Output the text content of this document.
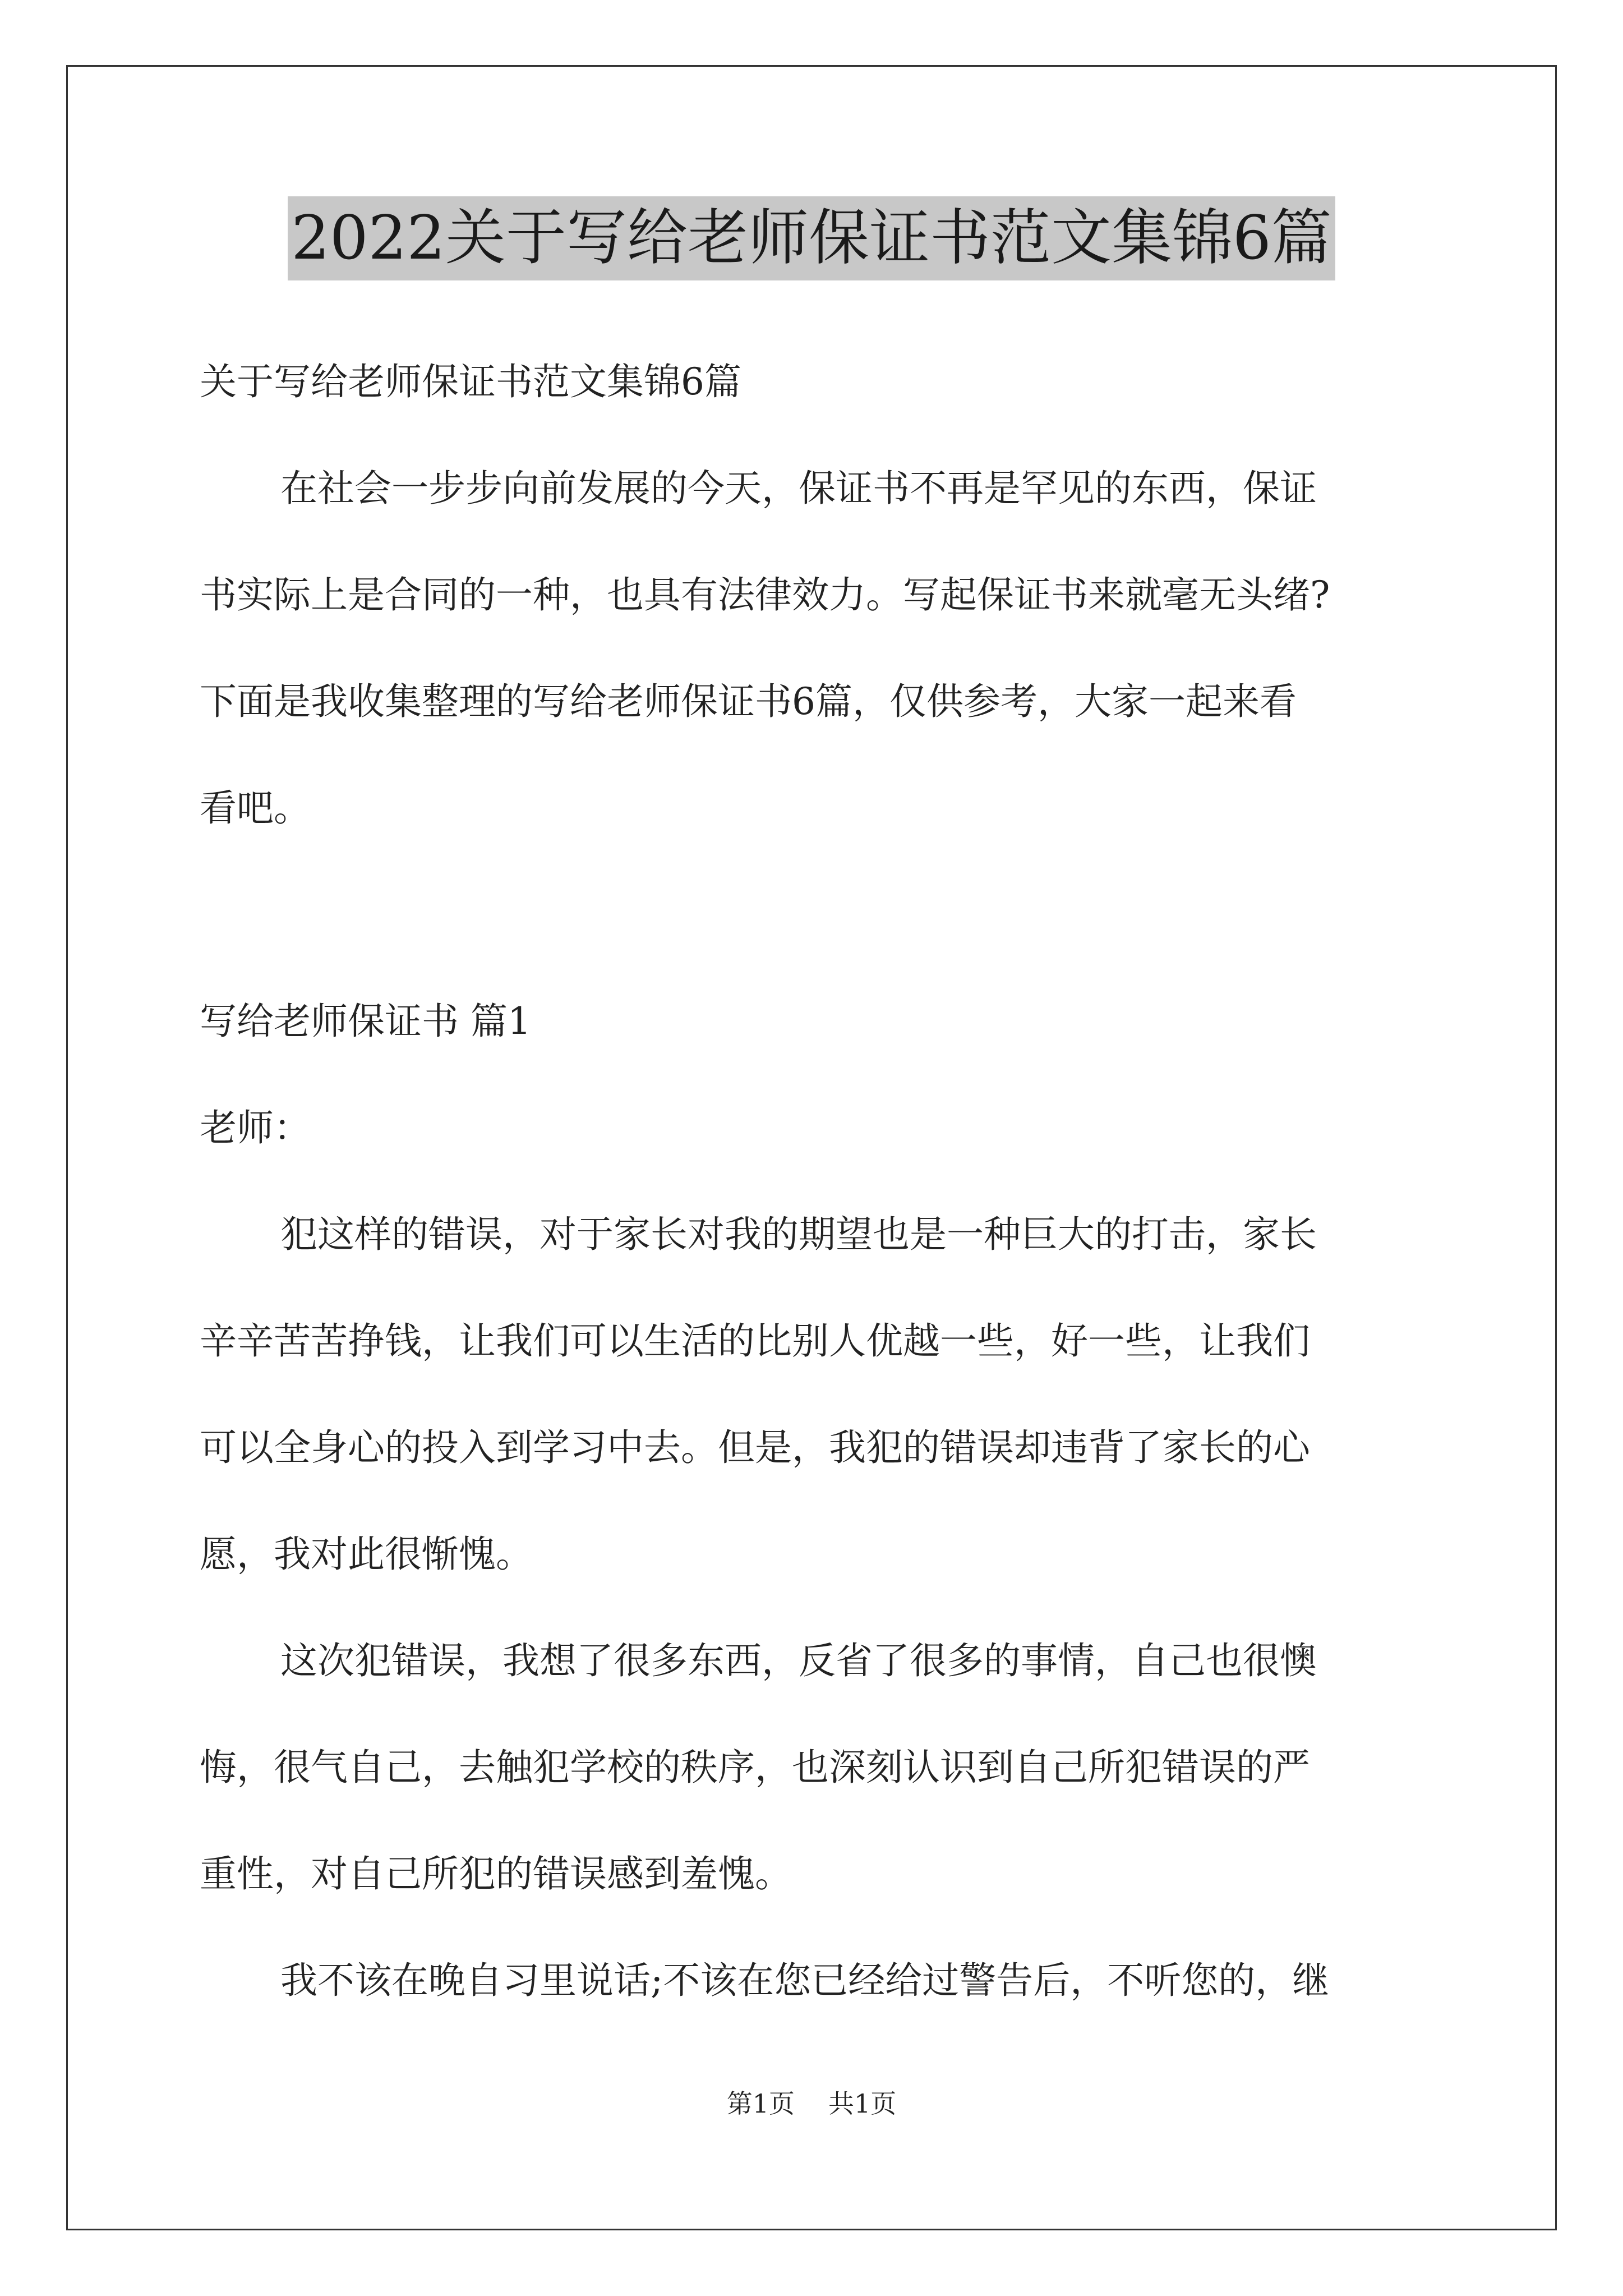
2022关于写给老师保证书范文集锦6篇
关于写给老师保证书范文集锦6篇
在社会一步步向前发展的今天，保证书不再是罕见的东西，保证
书实际上是合同的一种，也具有法律效力。写起保证书来就毫无头绪?
下面是我收集整理的写给老师保证书6篇，仅供参考，大家一起来看
看吧。
写给老师保证书 篇1
老师：
犯这样的错误，对于家长对我的期望也是一种巨大的打击，家长
辛辛苦苦挣钱，让我们可以生活的比别人优越一些，好一些，让我们
可以全身心的投入到学习中去。但是，我犯的错误却违背了家长的心
愿，我对此很惭愧。
这次犯错误，我想了很多东西，反省了很多的事情，自己也很懊
悔，很气自己，去触犯学校的秩序，也深刻认识到自己所犯错误的严
重性，对自己所犯的错误感到羞愧。
我不该在晚自习里说话;不该在您已经给过警告后，不听您的，继
第1页 共1页
